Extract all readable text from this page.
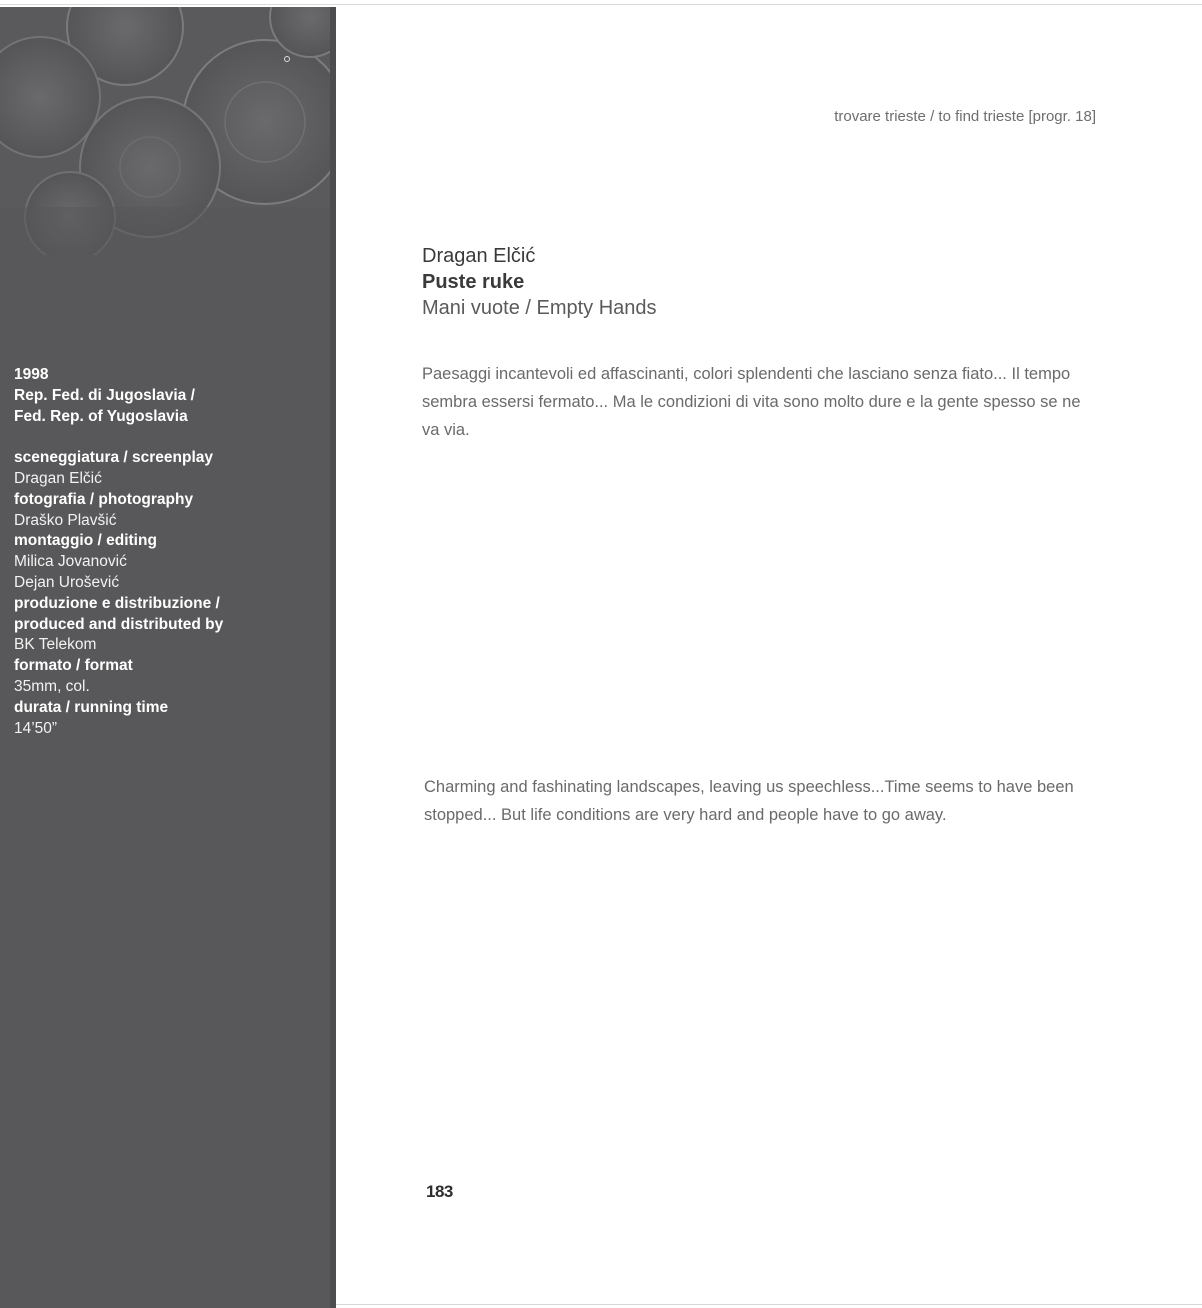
1998
Rep. Fed. di Jugoslavia /
Fed. Rep. of Yugoslavia
sceneggiatura / screenplay
Dragan Elčić
fotografia / photography
Draško Plavšić
montaggio / editing
Milica Jovanović
Dejan Urošević
produzione e distribuzione /
produced and distributed by
BK Telekom
formato / format
35mm, col.
durata / running time
14’50”
trovare trieste / to find trieste [progr. 18]
Dragan Elčić
Puste ruke
Mani vuote / Empty Hands

Paesaggi incantevoli ed affascinanti, colori splendenti che lasciano senza fiato... Il tempo sembra essersi fermato... Ma le condizioni di vita sono molto dure e la gente spesso se ne va via.

Charming and fashinating landscapes, leaving us speechless...Time seems to have been stopped... But life conditions are very hard and people have to go away.

183
